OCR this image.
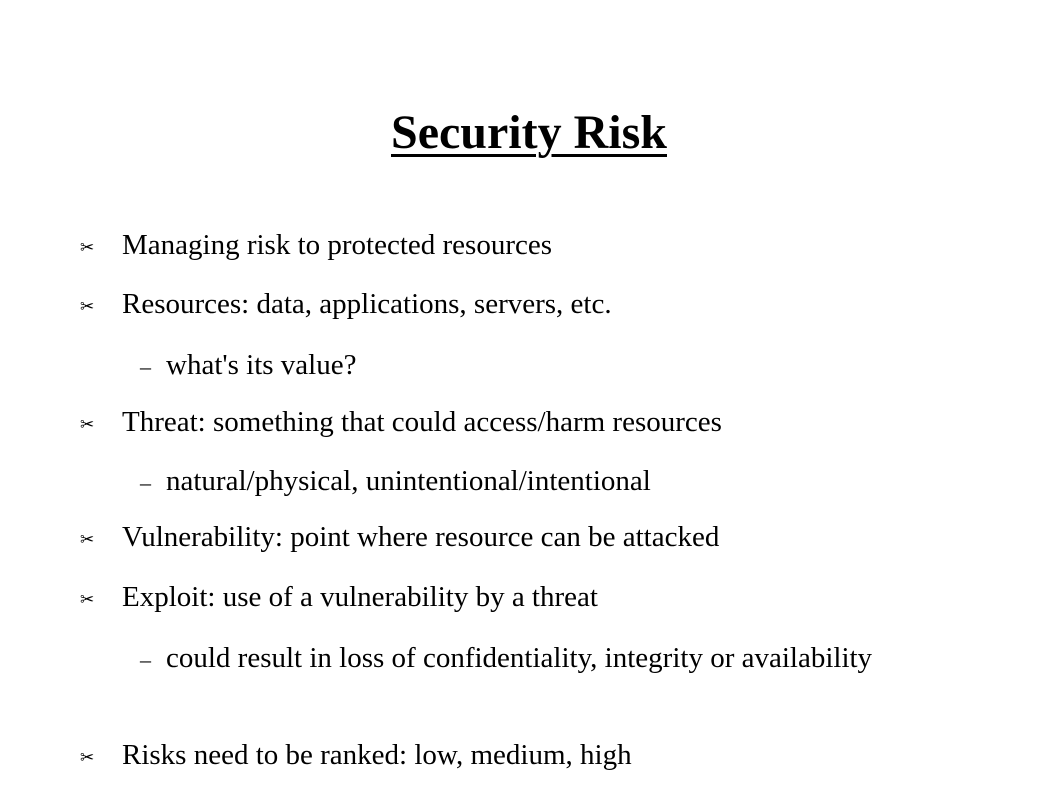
Security Risk
✂ Managing risk to protected resources
✂ Resources: data, applications, servers, etc.
– what's its value?
✂ Threat: something that could access/harm resources
– natural/physical, unintentional/intentional
✂ Vulnerability: point where resource can be attacked
✂ Exploit: use of a vulnerability by a threat
– could result in loss of confidentiality, integrity or availability
✂ Risks need to be ranked: low, medium, high
